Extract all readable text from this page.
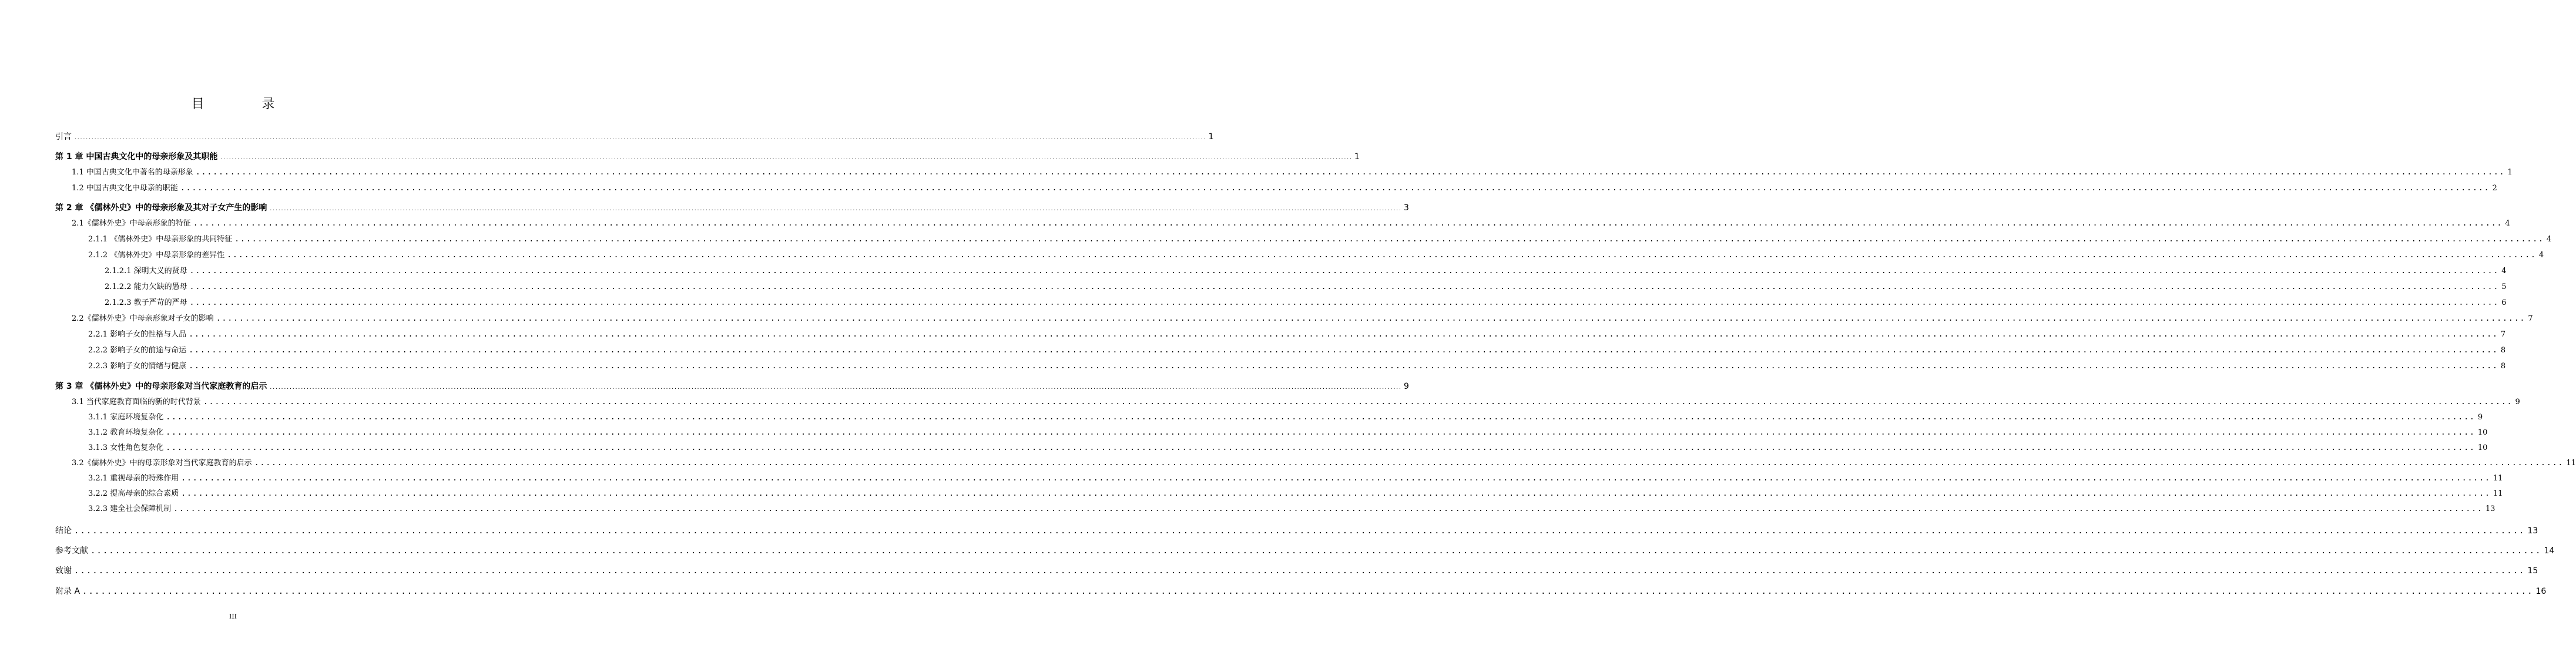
目　录
引言 ................................................................................................................................................................................................................................................................................................................................................................................................................ 1
第 1 章 中国古典文化中的母亲形象及其职能 ................................................................................................................................................................................................................................................................................................................................................................................................................ 1
1.1 中国古典文化中著名的母亲形象 ................................................................................................................................................................................................................................................................................................................................................................................................................ 1
1.2 中国古典文化中母亲的职能 ................................................................................................................................................................................................................................................................................................................................................................................................................ 2
第 2 章 《儒林外史》中的母亲形象及其对子女产生的影响 ................................................................................................................................................................................................................................................................................................................................................................................................................ 3
2.1《儒林外史》中母亲形象的特征 ................................................................................................................................................................................................................................................................................................................................................................................................................ 4
2.1.1 《儒林外史》中母亲形象的共同特征 ................................................................................................................................................................................................................................................................................................................................................................................................................ 4
2.1.2 《儒林外史》中母亲形象的差异性 ................................................................................................................................................................................................................................................................................................................................................................................................................ 4
2.1.2.1 深明大义的贤母 ................................................................................................................................................................................................................................................................................................................................................................................................................ 4
2.1.2.2 能力欠缺的愚母 ................................................................................................................................................................................................................................................................................................................................................................................................................ 5
2.1.2.3 教子严苛的严母 ................................................................................................................................................................................................................................................................................................................................................................................................................ 6
2.2《儒林外史》中母亲形象对子女的影响 ................................................................................................................................................................................................................................................................................................................................................................................................................ 7
2.2.1 影响子女的性格与人品 ................................................................................................................................................................................................................................................................................................................................................................................................................ 7
2.2.2 影响子女的前途与命运 ................................................................................................................................................................................................................................................................................................................................................................................................................ 8
2.2.3 影响子女的情绪与健康 ................................................................................................................................................................................................................................................................................................................................................................................................................ 8
第 3 章 《儒林外史》中的母亲形象对当代家庭教育的启示 ................................................................................................................................................................................................................................................................................................................................................................................................................ 9
3.1 当代家庭教育面临的新的时代背景 ................................................................................................................................................................................................................................................................................................................................................................................................................ 9
3.1.1 家庭环境复杂化 ................................................................................................................................................................................................................................................................................................................................................................................................................ 9
3.1.2 教育环境复杂化 ................................................................................................................................................................................................................................................................................................................................................................................................................ 10
3.1.3 女性角色复杂化 ................................................................................................................................................................................................................................................................................................................................................................................................................ 10
3.2《儒林外史》中的母亲形象对当代家庭教育的启示 ................................................................................................................................................................................................................................................................................................................................................................................................................ 11
3.2.1 重视母亲的特殊作用 ................................................................................................................................................................................................................................................................................................................................................................................................................ 11
3.2.2 提高母亲的综合素质 ................................................................................................................................................................................................................................................................................................................................................................................................................ 11
3.2.3 建全社会保障机制 ................................................................................................................................................................................................................................................................................................................................................................................................................ 13
结论 ................................................................................................................................................................................................................................................................................................................................................................................................................ 13
参考文献 ................................................................................................................................................................................................................................................................................................................................................................................................................ 14
致谢 ................................................................................................................................................................................................................................................................................................................................................................................................................ 15
附录 A ................................................................................................................................................................................................................................................................................................................................................................................................................ 16
III
